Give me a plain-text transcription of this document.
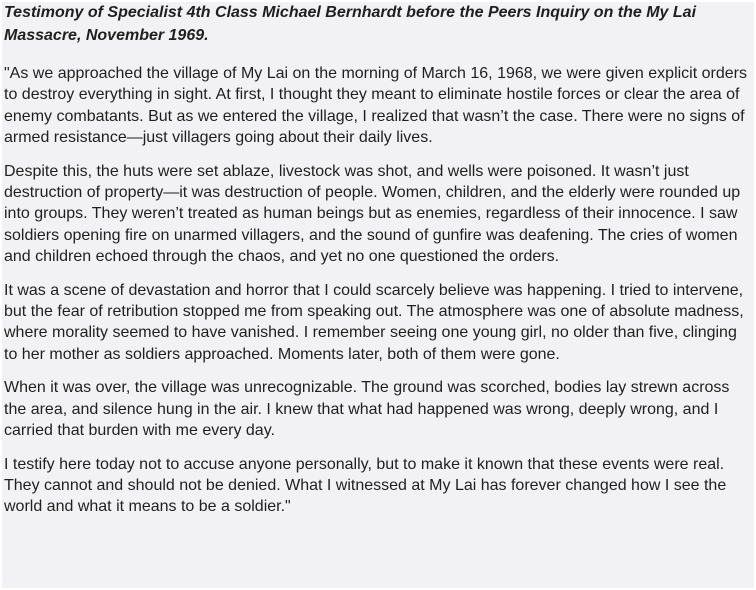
Testimony of Specialist 4th Class Michael Bernhardt before the Peers Inquiry on the My Lai Massacre, November 1969.

"As we approached the village of My Lai on the morning of March 16, 1968, we were given explicit orders to destroy everything in sight. At first, I thought they meant to eliminate hostile forces or clear the area of enemy combatants. But as we entered the village, I realized that wasn’t the case. There were no signs of armed resistance—just villagers going about their daily lives.

Despite this, the huts were set ablaze, livestock was shot, and wells were poisoned. It wasn’t just destruction of property—it was destruction of people. Women, children, and the elderly were rounded up into groups. They weren’t treated as human beings but as enemies, regardless of their innocence. I saw soldiers opening fire on unarmed villagers, and the sound of gunfire was deafening. The cries of women and children echoed through the chaos, and yet no one questioned the orders.

It was a scene of devastation and horror that I could scarcely believe was happening. I tried to intervene, but the fear of retribution stopped me from speaking out. The atmosphere was one of absolute madness, where morality seemed to have vanished. I remember seeing one young girl, no older than five, clinging to her mother as soldiers approached. Moments later, both of them were gone.

When it was over, the village was unrecognizable. The ground was scorched, bodies lay strewn across the area, and silence hung in the air. I knew that what had happened was wrong, deeply wrong, and I carried that burden with me every day.

I testify here today not to accuse anyone personally, but to make it known that these events were real. They cannot and should not be denied. What I witnessed at My Lai has forever changed how I see the world and what it means to be a soldier."
